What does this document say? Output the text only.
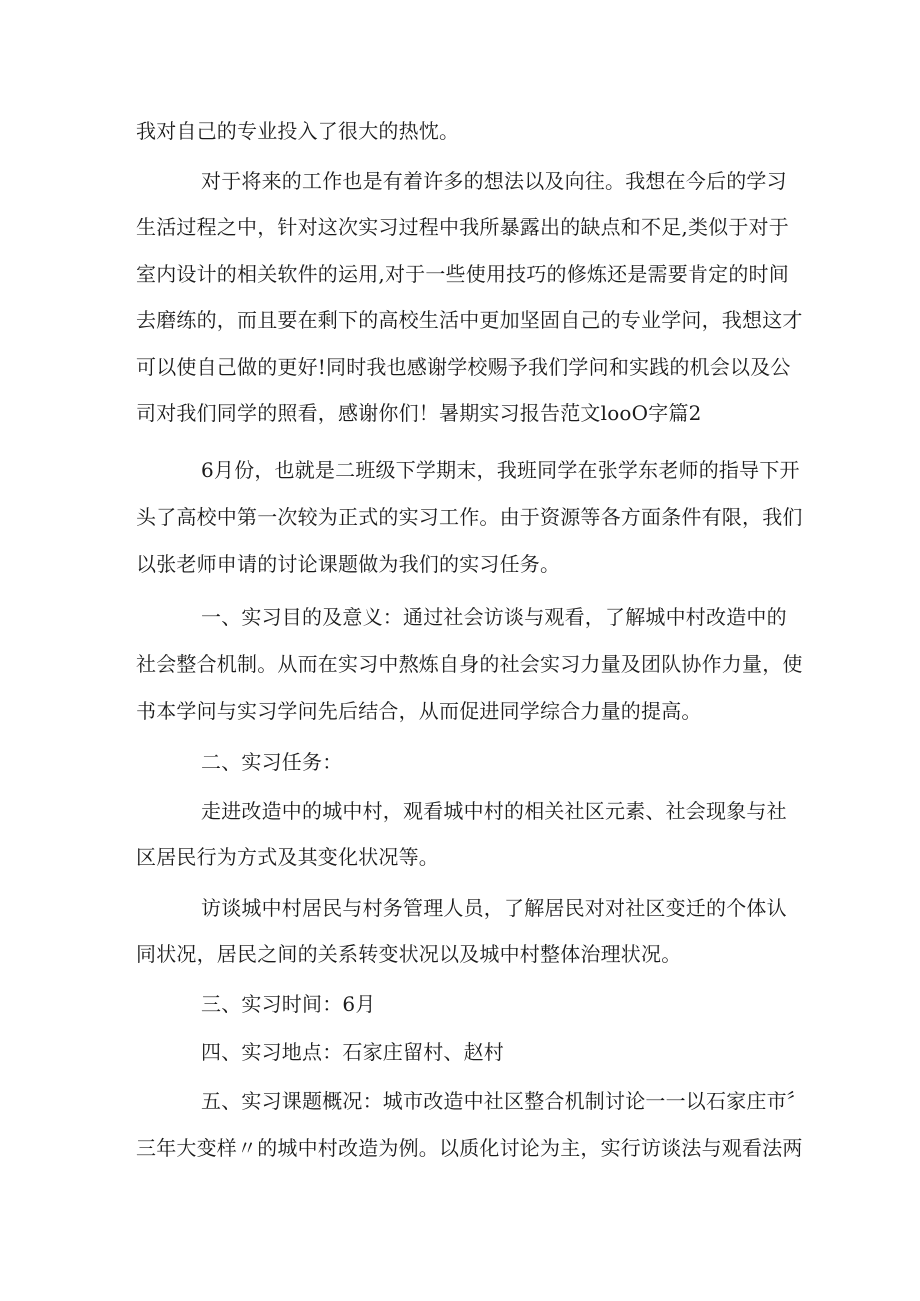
我对自己的专业投入了很大的热忱。
对于将来的工作也是有着许多的想法以及向往。我想在今后的学习
生活过程之中，针对这次实习过程中我所暴露出的缺点和不足,类似于对于
室内设计的相关软件的运用,对于一些使用技巧的修炼还是需要肯定的时间
去磨练的，而且要在剩下的高校生活中更加坚固自己的专业学问，我想这才
可以使自己做的更好!同时我也感谢学校赐予我们学问和实践的机会以及公
司对我们同学的照看，感谢你们！暑期实习报告范文looO字篇2
6月份，也就是二班级下学期末，我班同学在张学东老师的指导下开
头了高校中第一次较为正式的实习工作。由于资源等各方面条件有限，我们
以张老师申请的讨论课题做为我们的实习任务。
一、实习目的及意义：通过社会访谈与观看，了解城中村改造中的
社会整合机制。从而在实习中熬炼自身的社会实习力量及团队协作力量，使
书本学问与实习学问先后结合，从而促进同学综合力量的提高。
二、实习任务：
走进改造中的城中村，观看城中村的相关社区元素、社会现象与社
区居民行为方式及其变化状况等。
访谈城中村居民与村务管理人员，了解居民对对社区变迁的个体认
同状况，居民之间的关系转变状况以及城中村整体治理状况。
三、实习时间：6月
四、实习地点：石家庄留村、赵村
五、实习课题概况：城市改造中社区整合机制讨论一一以石家庄市〞
三年大变样〃的城中村改造为例。以质化讨论为主，实行访谈法与观看法两
